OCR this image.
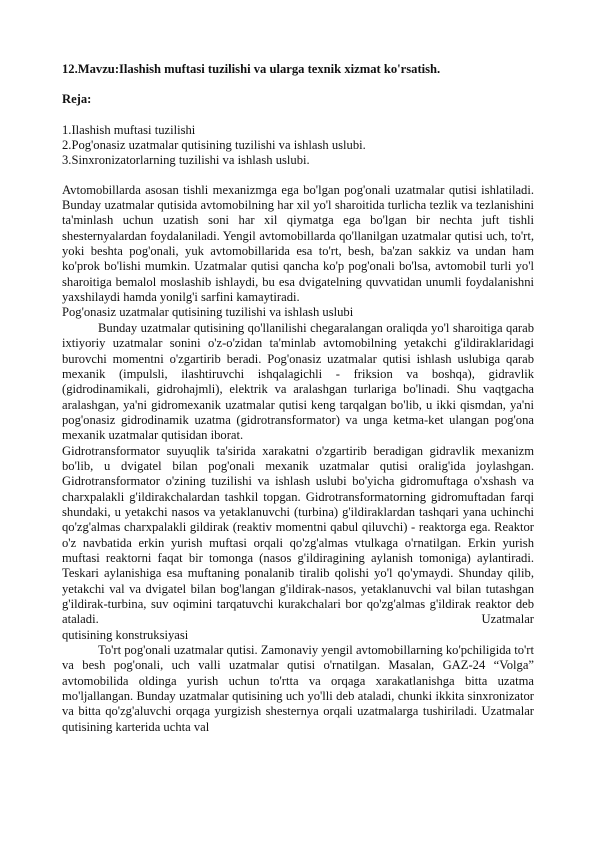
12.Mavzu:Ilashish muftasi tuzilishi va ularga texnik xizmat ko'rsatish.
Reja:
1.Ilashish muftasi tuzilishi
2.Pog'onasiz uzatmalar qutisining tuzilishi va ishlash uslubi.
3.Sinxronizatorlarning tuzilishi va ishlash uslubi.

Avtomobillarda asosan tishli mexanizmga ega bo'lgan pog'onali uzatmalar qutisi ishlatiladi. Bunday uzatmalar qutisida avtomobilning har xil yo'l sharoitida turlicha tezlik va tezlanishini ta'minlash uchun uzatish soni har xil qiymatga ega bo'lgan bir nechta juft tishli shesternyalardan foydalaniladi. Yengil avtomobillarda qo'llanilgan uzatmalar qutisi uch, to'rt, yoki beshta pog'onali, yuk avtomobillarida esa to'rt, besh, ba'zan sakkiz va undan ham ko'prok bo'lishi mumkin. Uzatmalar qutisi qancha ko'p pog'onali bo'lsa, avtomobil turli yo'l sharoitiga bemalol moslashib ishlaydi, bu esa dvigatelning quvvatidan unumli foydalanishni yaxshilaydi hamda yonilg'i sarfini kamaytiradi.

Pog'onasiz uzatmalar qutisining tuzilishi va ishlash uslubi

Bunday uzatmalar qutisining qo'llanilishi chegaralangan oraliqda yo'l sharoitiga qarab ixtiyoriy uzatmalar sonini o'z-o'zidan ta'minlab avtomobilning yetakchi g'ildiraklaridagi burovchi momentni o'zgartirib beradi. Pog'onasiz uzatmalar qutisi ishlash uslubiga qarab mexanik (impulsli, ilashtiruvchi ishqalagichli - friksion va boshqa), gidravlik (gidrodinamikali, gidrohajmli), elektrik va aralashgan turlariga bo'linadi. Shu vaqtgacha aralashgan, ya'ni gidromexanik uzatmalar qutisi keng tarqalgan bo'lib, u ikki qismdan, ya'ni pog'onasiz gidrodinamik uzatma (gidrotransformator) va unga ketma-ket ulangan pog'ona mexanik uzatmalar qutisidan iborat.

Gidrotransformator suyuqlik ta'sirida xarakatni o'zgartirib beradigan gidravlik mexanizm bo'lib, u dvigatel bilan pog'onali mexanik uzatmalar qutisi oralig'ida joylashgan. Gidrotransformator o'zining tuzilishi va ishlash uslubi bo'yicha gidromuftaga o'xshash va charxpalakli g'ildirakchalardan tashkil topgan. Gidrotransformatorning gidromuftadan farqi shundaki, u yetakchi nasos va yetaklanuvchi (turbina) g'ildiraklardan tashqari yana uchinchi qo'zg'almas charxpalakli gildirak (reaktiv momentni qabul qiluvchi) - reaktorga ega. Reaktor o'z navbatida erkin yurish muftasi orqali qo'zg'almas vtulkaga o'rnatilgan. Erkin yurish muftasi reaktorni faqat bir tomonga (nasos g'ildiragining aylanish tomoniga) aylantiradi. Teskari aylanishiga esa muftaning ponalanib tiralib qolishi yo'l qo'ymaydi. Shunday qilib, yetakchi val va dvigatel bilan bog'langan g'ildirak-nasos, yetaklanuvchi val bilan tutashgan g'ildirak-turbina, suv oqimini tarqatuvchi kurakchalari bor qo'zg'almas g'ildirak reaktor deb ataladi.	Uzatmalar

qutisining konstruksiyasi

To'rt pog'onali uzatmalar qutisi. Zamonaviy yengil avtomobillarning ko'pchiligida to'rt va besh pog'onali, uch valli uzatmalar qutisi o'rnatilgan. Masalan, GAZ-24 “Volga” avtomobilida oldinga yurish uchun to'rtta va orqaga xarakatlanishga bitta uzatma mo'ljallangan. Bunday uzatmalar qutisining uch yo'lli deb ataladi, chunki ikkita sinxronizator va bitta qo'zg'aluvchi orqaga yurgizish shesternya orqali uzatmalarga tushiriladi. Uzatmalar qutisining karterida uchta val
